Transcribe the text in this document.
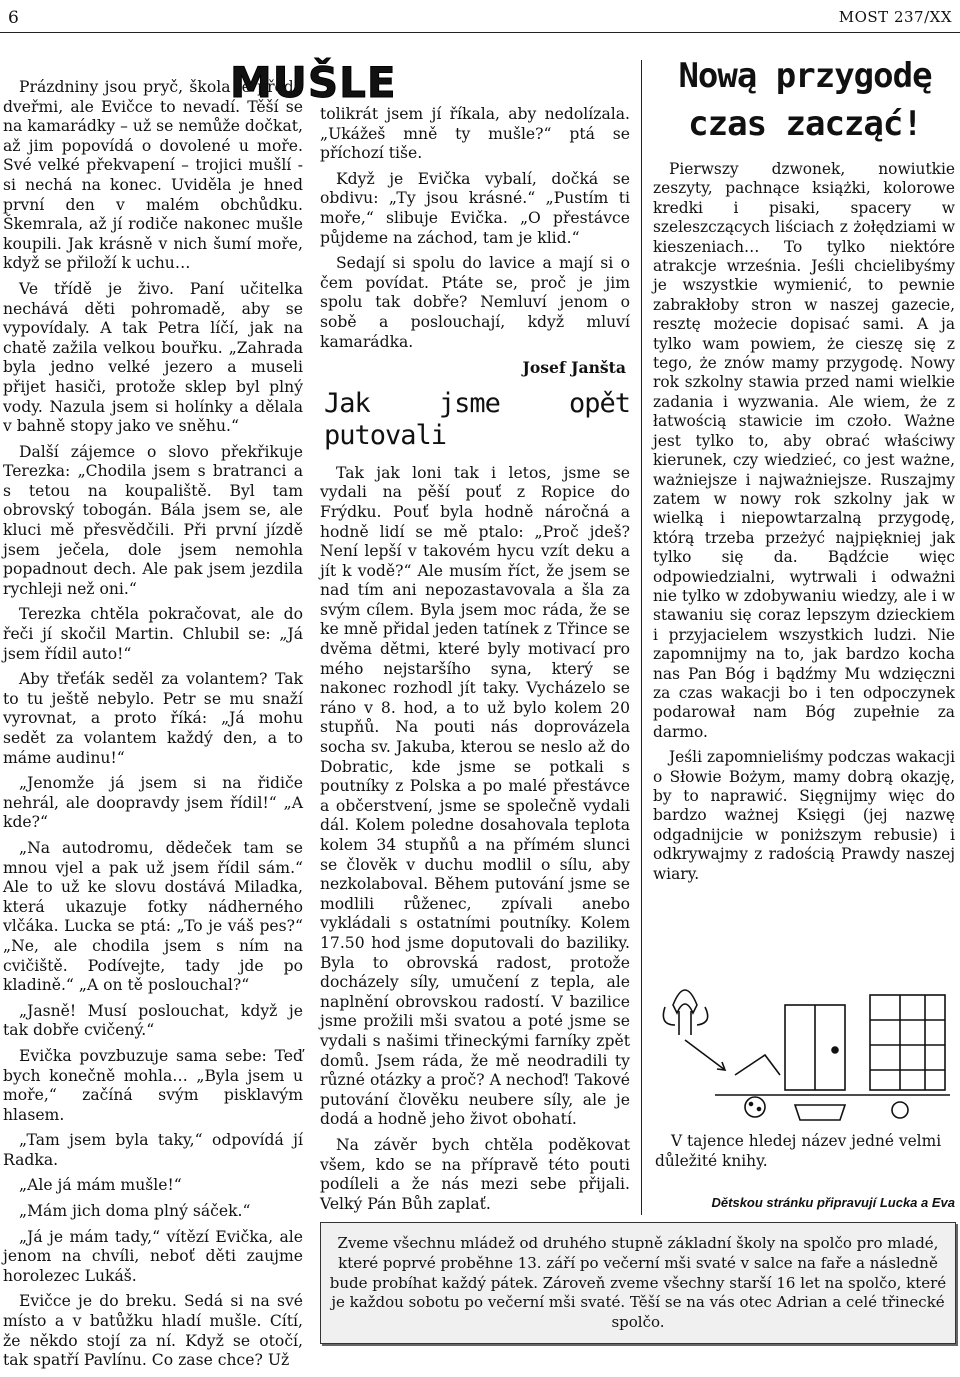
6	MOST 237/XX
MUŠLE

Prázdniny jsou pryč, škola je přede dveřmi, ale Evičce to nevadí. Těší se na kamarádky – už se nemůže dočkat, až jim popovídá o dovolené u moře. Své velké překvapení – trojici mušlí - si nechá na konec. Uviděla je hned první den v malém obchůdku. Škemrala, až jí rodiče nakonec mušle koupili. Jak krásně v nich šumí moře, když se přiloží k uchu…

Ve třídě je živo. Paní učitelka nechává děti pohromadě, aby se vypovídaly. A tak Petra líčí, jak na chatě zažila velkou bouřku. „Zahrada byla jedno velké jezero a museli přijet hasiči, protože sklep byl plný vody. Nazula jsem si holínky a dělala v bahně stopy jako ve sněhu.“

Další zájemce o slovo překřikuje Terezka: „Chodila jsem s bratranci a s tetou na koupaliště. Byl tam obrovský tobogán. Bála jsem se, ale kluci mě přesvědčili. Při první jízdě jsem ječela, dole jsem nemohla popadnout dech. Ale pak jsem jezdila rychleji než oni.“

Terezka chtěla pokračovat, ale do řeči jí skočil Martin. Chlubil se: „Já jsem řídil auto!“

Aby třeťák seděl za volantem? Tak to tu ještě nebylo. Petr se mu snaží vyrovnat, a proto říká: „Já mohu sedět za volantem každý den, a to máme audinu!“

„Jenomže já jsem si na řidiče nehrál, ale doopravdy jsem řídil!“ „A kde?“

„Na autodromu, dědeček tam se mnou vjel a pak už jsem řídil sám.“ Ale to už ke slovu dostává Miladka, která ukazuje fotky nádherného vlčáka. Lucka se ptá: „To je váš pes?“ „Ne, ale chodila jsem s ním na cvičiště. Podívejte, tady jde po kladině.“ „A on tě poslouchal?“

„Jasně! Musí poslouchat, když je tak dobře cvičený.“

Evička povzbuzuje sama sebe: Teď bych konečně mohla… „Byla jsem u moře,“ začíná svým pisklavým hlasem.

„Tam jsem byla taky,“ odpovídá jí Radka.

„Ale já mám mušle!“

„Mám jich doma plný sáček.“

„Já je mám tady,“ vítězí Evička, ale jenom na chvíli, neboť děti zaujme horolezec Lukáš.

Evičce je do breku. Sedá si na své místo a v batůžku hladí mušle. Cítí, že někdo stojí za ní. Když se otočí, tak spatří Pavlínu. Co zase chce? Už

tolikrát jsem jí říkala, aby nedolízala. „Ukážeš mně ty mušle?“ ptá se příchozí tiše.

Když je Evička vybalí, dočká se obdivu: „Ty jsou krásné.“ „Pustím ti moře,“ slibuje Evička. „O přestávce půjdeme na záchod, tam je klid.“

Sedají si spolu do lavice a mají si o čem povídat. Ptáte se, proč je jim spolu tak dobře? Nemluví jenom o sobě a poslouchají, když mluví kamarádka.

Josef Janšta
Jak jsme opět putovali

Tak jak loni tak i letos, jsme se vydali na pěší pouť z Ropice do Frýdku. Pouť byla hodně náročná a hodně lidí se mě ptalo: „Proč jdeš? Není lepší v takovém hycu vzít deku a jít k vodě?“ Ale musím říct, že jsem se nad tím ani nepozastavovala a šla za svým cílem. Byla jsem moc ráda, že se ke mně přidal jeden tatínek z Třince se dvěma dětmi, které byly motivací pro mého nejstaršího syna, který se nakonec rozhodl jít taky. Vycházelo se ráno v 8. hod, a to už bylo kolem 20 stupňů. Na pouti nás doprovázela socha sv. Jakuba, kterou se neslo až do Dobratic, kde jsme se potkali s poutníky z Polska a po malé přestávce a občerstvení, jsme se společně vydali dál. Kolem poledne dosahovala teplota kolem 34 stupňů a na přímém slunci se člověk v duchu modlil o sílu, aby nezkolaboval. Během putování jsme se modlili růženec, zpívali anebo vykládali s ostatními poutníky. Kolem 17.50 hod jsme doputovali do baziliky. Byla to obrovská radost, protože docházely síly, umučení z tepla, ale naplnění obrovskou radostí. V bazilice jsme prožili mši svatou a poté jsme se vydali s našimi třineckými farníky zpět domů. Jsem ráda, že mě neodradili ty různé otázky a proč? A nechoď! Takové putování člověku neubere síly, ale je dodá a hodně jeho život obohatí.

Na závěr bych chtěla poděkovat všem, kdo se na přípravě této pouti podíleli a že nás mezi sebe přijali. Velký Pán Bůh zaplať.

Nową przygodę
czas zacząć!

Pierwszy dzwonek, nowiutkie zeszyty, pachnące książki, kolorowe kredki i pisaki, spacery w szeleszczących liściach z żołędziami w kieszeniach… To tylko niektóre atrakcje września. Jeśli chcielibyśmy je wszystkie wymienić, to pewnie zabrakłoby stron w naszej gazecie, resztę możecie dopisać sami. A ja tylko wam powiem, że cieszę się z tego, że znów mamy przygodę. Nowy rok szkolny stawia przed nami wielkie zadania i wyzwania. Ale wiem, że z łatwością stawicie im czoło. Ważne jest tylko to, aby obrać właściwy kierunek, czy wiedzieć, co jest ważne, ważniejsze i najważniejsze. Ruszajmy zatem w nowy rok szkolny jak w wielką i niepowtarzalną przygodę, którą trzeba przeżyć najpiękniej jak tylko się da. Bądźcie więc odpowiedzialni, wytrwali i odważni nie tylko w zdobywaniu wiedzy, ale i w stawaniu się coraz lepszym dzieckiem i przyjacielem wszystkich ludzi. Nie zapomnijmy na to, jak bardzo kocha nas Pan Bóg i bądźmy Mu wdzięczni za czas wakacji bo i ten odpoczynek podarował nam Bóg zupełnie za darmo.

Jeśli zapomnieliśmy podczas wakacji o Słowie Bożym, mamy dobrą okazję, by to naprawić. Sięgnijmy więc do bardzo ważnej Księgi (jej nazwę odgadnijcie w poniższym rebusie) i odkrywajmy z radością Prawdy naszej wiary.

V tajence hledej název jedné velmi důležité knihy.
Dětskou stránku připravují Lucka a Eva
Zveme všechnu mládež od druhého stupně základní školy na spolčo pro mladé, které poprvé proběhne 13. září po večerní mši svaté v salce na faře a následně bude probíhat každý pátek. Zároveň zveme všechny starší 16 let na spolčo, které je každou sobotu po večerní mši svaté. Těší se na vás otec Adrian a celé třinecké spolčo.
